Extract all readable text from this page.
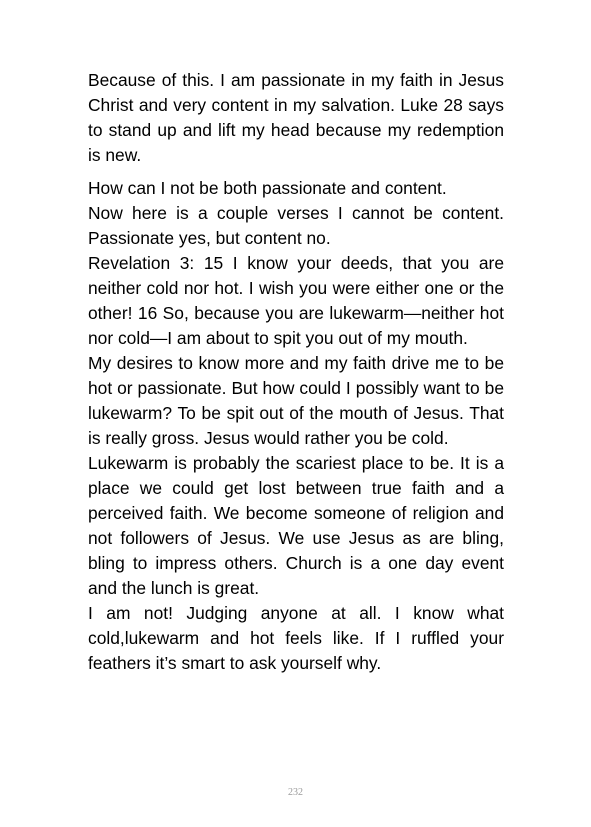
Because of this. I am passionate in my faith in Jesus Christ and very content in my salvation. Luke 28 says to stand up and lift my head because my redemption is new.

How can I not be both passionate and content.

Now here is a couple verses I cannot be content. Passionate yes, but content no.

Revelation 3: 15 I know your deeds, that you are neither cold nor hot. I wish you were either one or the other! 16 So, because you are lukewarm—neither hot nor cold—I am about to spit you out of my mouth.

My desires to know more and my faith drive me to be hot or passionate. But how could I possibly want to be lukewarm? To be spit out of the mouth of Jesus. That is really gross. Jesus would rather you be cold.

Lukewarm is probably the scariest place to be. It is a place we could get lost between true faith and a perceived faith. We become someone of religion and not followers of Jesus. We use Jesus as are bling, bling to impress others. Church is a one day event and the lunch is great.

I am not! Judging anyone at all. I know what cold,lukewarm and hot feels like. If I ruffled your feathers it’s smart to ask yourself why.

232
